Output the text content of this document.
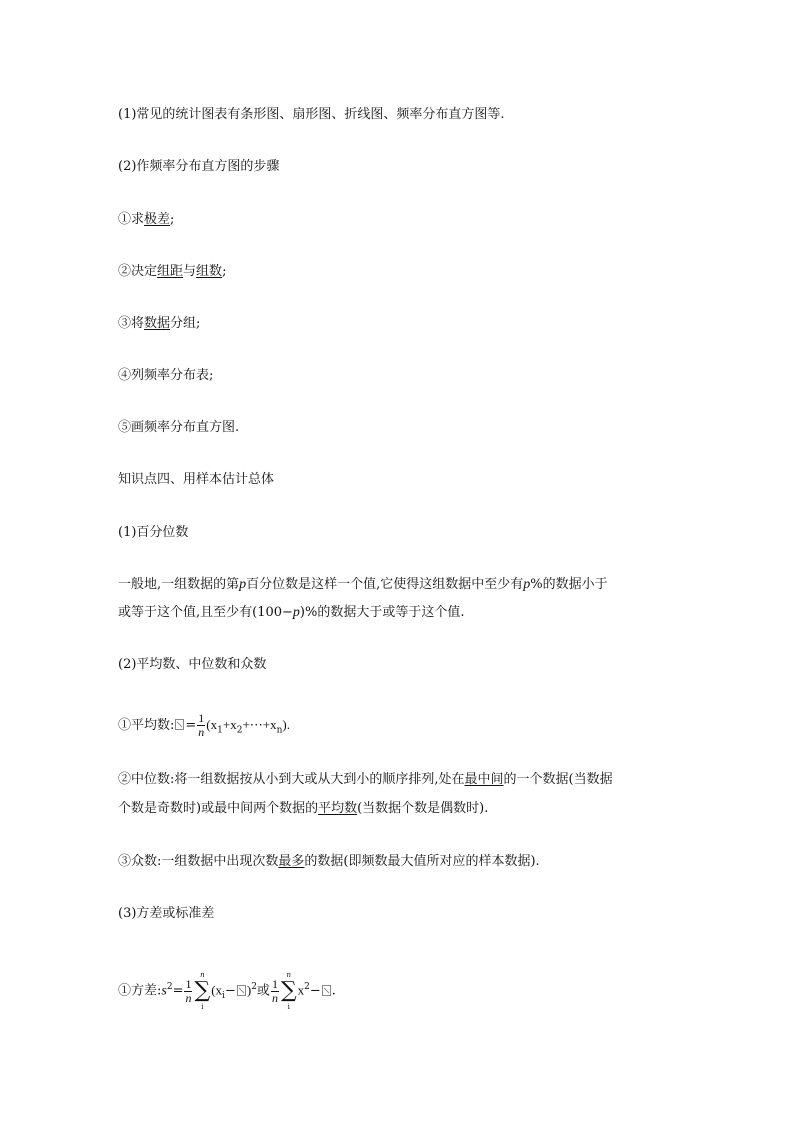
(1)常见的统计图表有条形图、扇形图、折线图、频率分布直方图等.

(2)作频率分布直方图的步骤

①求极差;

②决定组距与组数;

③将数据分组;

④列频率分布表;

⑤画频率分布直方图.

知识点四、用样本估计总体

(1)百分位数

一般地,一组数据的第p百分位数是这样一个值,它使得这组数据中至少有p%的数据小于

或等于这个值,且至少有(100−p)%的数据大于或等于这个值.

(2)平均数、中位数和众数

①平均数: = $\frac{1}{n}$ $(x_1+x_2+\cdots+x_n)$.

②中位数:将一组数据按从小到大或从大到小的顺序排列,处在最中间的一个数据(当数据

个数是奇数时)或最中间两个数据的平均数(当数据个数是偶数时).

③众数:一组数据中出现次数最多的数据(即频数最大值所对应的样本数据).

(3)方差或标准差

①方差$:s^2= \frac{1}{n}$
n
∑
i
$(x_i- )^2$或 $\frac{1}{n}$
n
∑
i
$x^2-$ .
